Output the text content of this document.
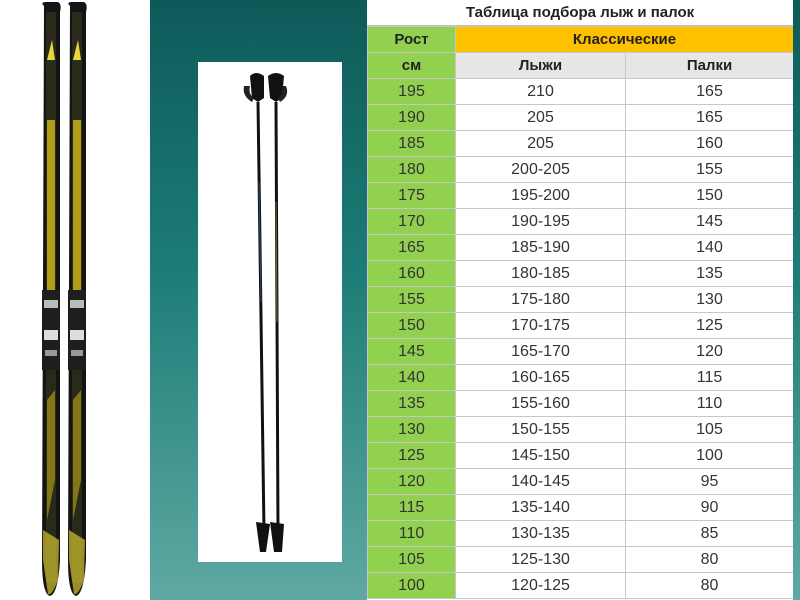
Таблица подбора лыж и палок
Рост	Классические	
см	Лыжи	Палки
195	210	165
190	205	165
185	205	160
180	200-205	155
175	195-200	150
170	190-195	145
165	185-190	140
160	180-185	135
155	175-180	130
150	170-175	125
145	165-170	120
140	160-165	115
135	155-160	110
130	150-155	105
125	145-150	100
120	140-145	95
115	135-140	90
110	130-135	85
105	125-130	80
100	120-125	80
